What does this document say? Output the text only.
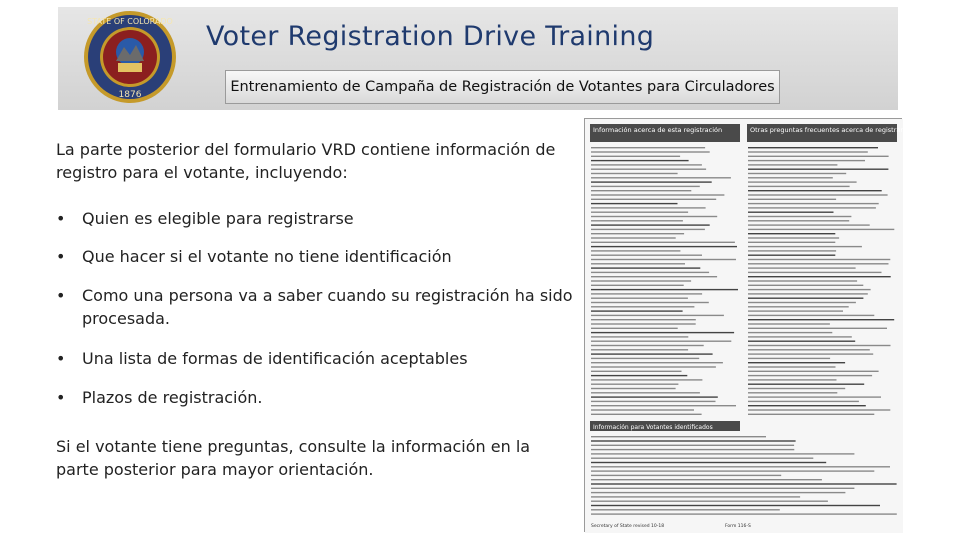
STATE OF COLORADO
1876
Voter Registration Drive Training
Entrenamiento de Campaña de Registración de Votantes para Circuladores
La parte posterior del formulario VRD contiene información de registro para el votante, incluyendo:
• Quien es elegible para registrarse
• Que hacer si el votante no tiene identificación
• Como una persona va a saber cuando su registración ha sido procesada.
• Una lista de formas de identificación aceptables
• Plazos de registración.
Si el votante tiene preguntas, consulte la información en la parte posterior para mayor orientación.
Información acerca de esta registración	Otras preguntas frecuentes acerca de registrarse y votar
Información para Votantes identificados
Secretary of State revised 10-18	Form 116-S
